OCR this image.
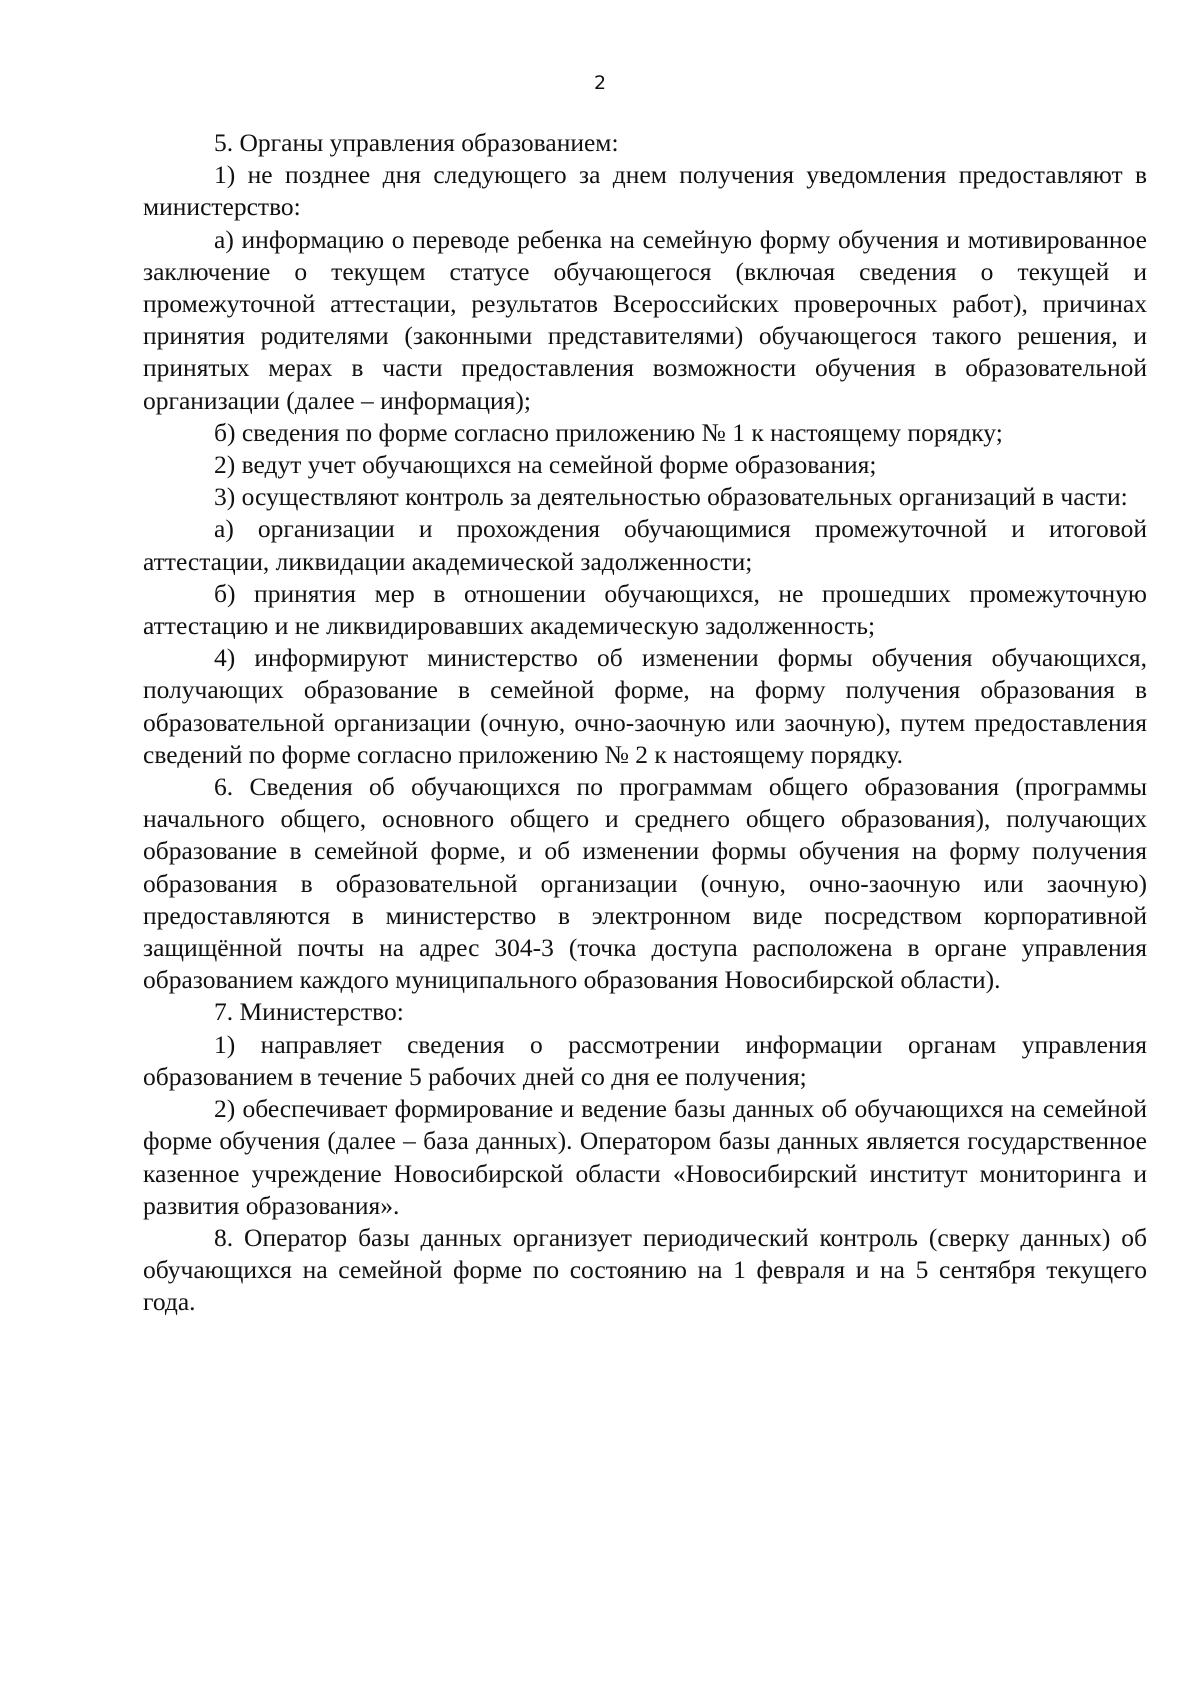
2

5. Органы управления образованием:

1) не позднее дня следующего за днем получения уведомления предоставляют в министерство:

а) информацию о переводе ребенка на семейную форму обучения и мотивированное заключение о текущем статусе обучающегося (включая сведения о текущей и промежуточной аттестации, результатов Всероссийских проверочных работ), причинах принятия родителями (законными представителями) обучающегося такого решения, и принятых мерах в части предоставления возможности обучения в образовательной организации (далее – информация);

б) сведения по форме согласно приложению № 1 к настоящему порядку;

2) ведут учет обучающихся на семейной форме образования;

3) осуществляют контроль за деятельностью образовательных организаций в части:

а) организации и прохождения обучающимися промежуточной и итоговой аттестации, ликвидации академической задолженности;

б) принятия мер в отношении обучающихся, не прошедших промежуточную аттестацию и не ликвидировавших академическую задолженность;

4) информируют министерство об изменении формы обучения обучающихся, получающих образование в семейной форме, на форму получения образования в образовательной организации (очную, очно-заочную или заочную), путем предоставления сведений по форме согласно приложению № 2 к настоящему порядку.

6. Сведения об обучающихся по программам общего образования (программы начального общего, основного общего и среднего общего образования), получающих образование в семейной форме, и об изменении формы обучения на форму получения образования в образовательной организации (очную, очно-заочную или заочную) предоставляются в министерство в электронном виде посредством корпоративной защищённой почты на адрес 304-3 (точка доступа расположена в органе управления образованием каждого муниципального образования Новосибирской области).

7. Министерство:

1) направляет сведения о рассмотрении информации органам управления образованием в течение 5 рабочих дней со дня ее получения;

2) обеспечивает формирование и ведение базы данных об обучающихся на семейной форме обучения (далее – база данных). Оператором базы данных является государственное казенное учреждение Новосибирской области «Новосибирский институт мониторинга и развития образования».

8. Оператор базы данных организует периодический контроль (сверку данных) об обучающихся на семейной форме по состоянию на 1 февраля и на 5 сентября текущего года.
